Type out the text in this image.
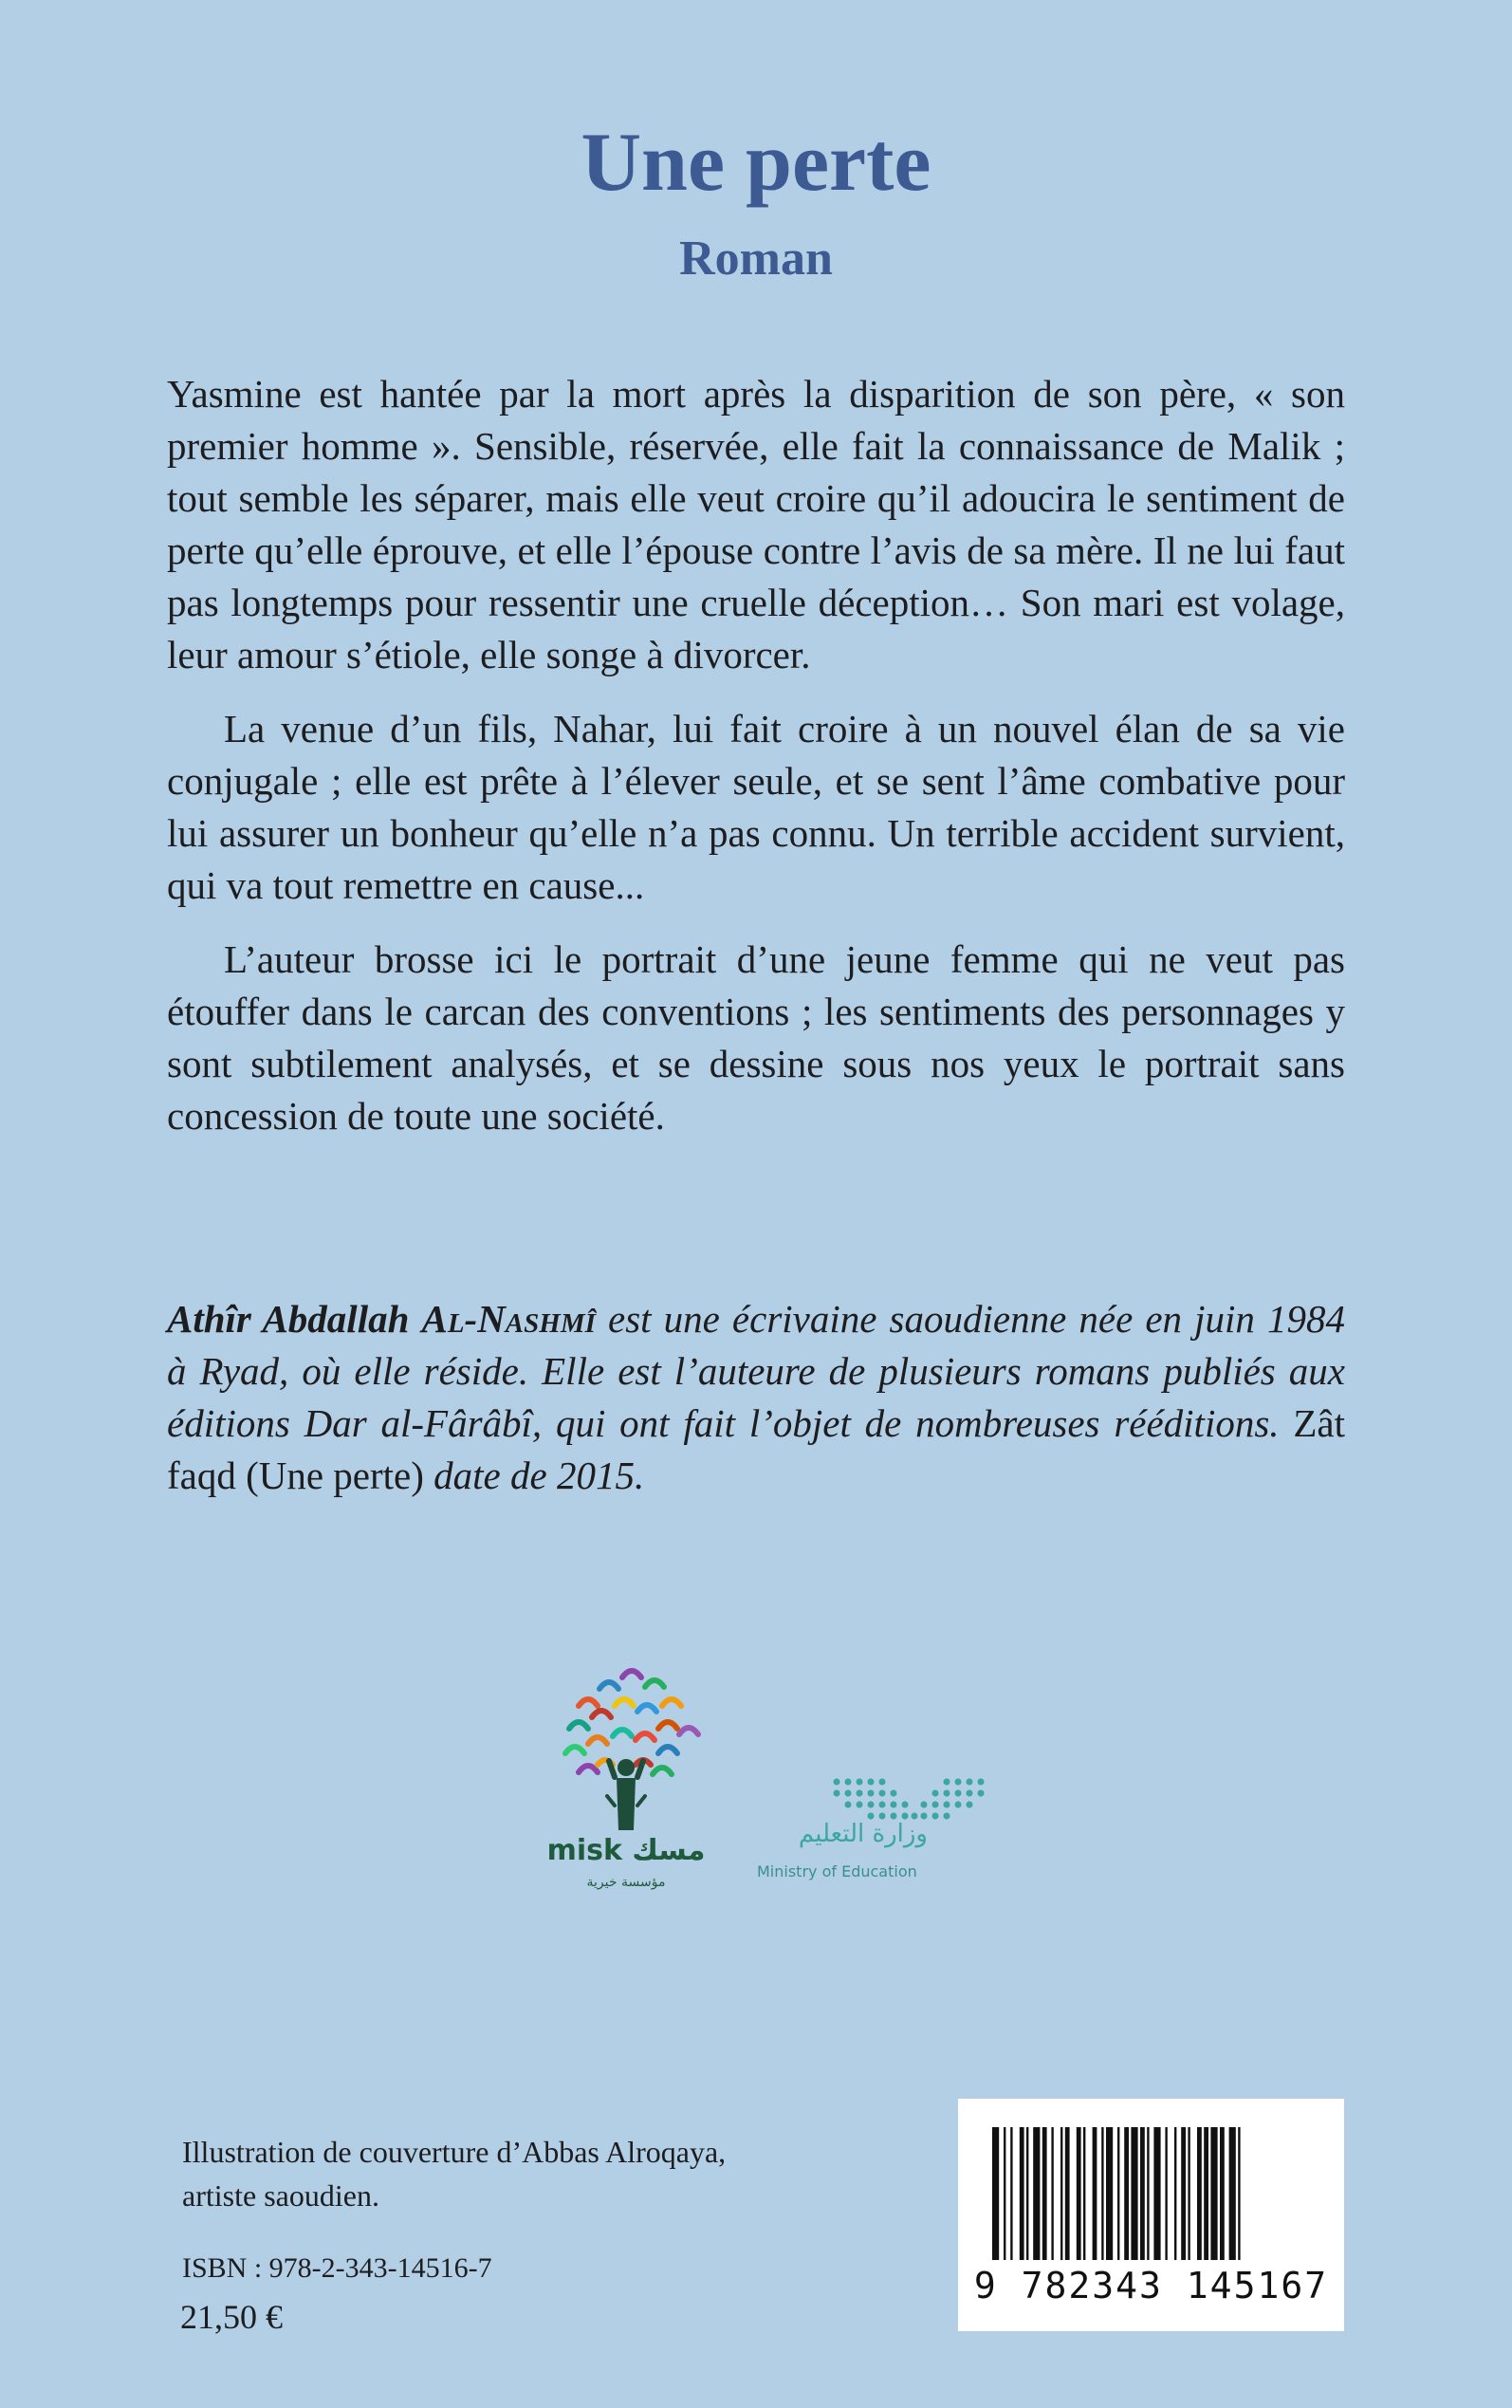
Une perte
Roman

Yasmine est hantée par la mort après la disparition de son père, « son premier homme ». Sensible, réservée, elle fait la connaissance de Malik ; tout semble les séparer, mais elle veut croire qu’il adoucira le sentiment de perte qu’elle éprouve, et elle l’épouse contre l’avis de sa mère. Il ne lui faut pas longtemps pour ressentir une cruelle déception… Son mari est volage, leur amour s’étiole, elle songe à divorcer.

La venue d’un fils, Nahar, lui fait croire à un nouvel élan de sa vie conjugale ; elle est prête à l’élever seule, et se sent l’âme combative pour lui assurer un bonheur qu’elle n’a pas connu. Un terrible accident survient, qui va tout remettre en cause...

L’auteur brosse ici le portrait d’une jeune femme qui ne veut pas étouffer dans le carcan des conventions ; les sentiments des personnages y sont subtilement analysés, et se dessine sous nos yeux le portrait sans concession de toute une société.

Athîr Abdallah Al-Nashmî est une écrivaine saoudienne née en juin 1984 à Ryad, où elle réside. Elle est l’auteure de plusieurs romans publiés aux éditions Dar al-Fârâbî, qui ont fait l’objet de nombreuses rééditions. Zât faqd (Une perte) date de 2015.
misk مسك
مؤسسة خيرية
وزارة التعليم
Ministry of Education
Illustration de couverture d’Abbas Alroqaya, artiste saoudien.
ISBN : 978-2-343-14516-7
21,50 €
9 782343 145167
